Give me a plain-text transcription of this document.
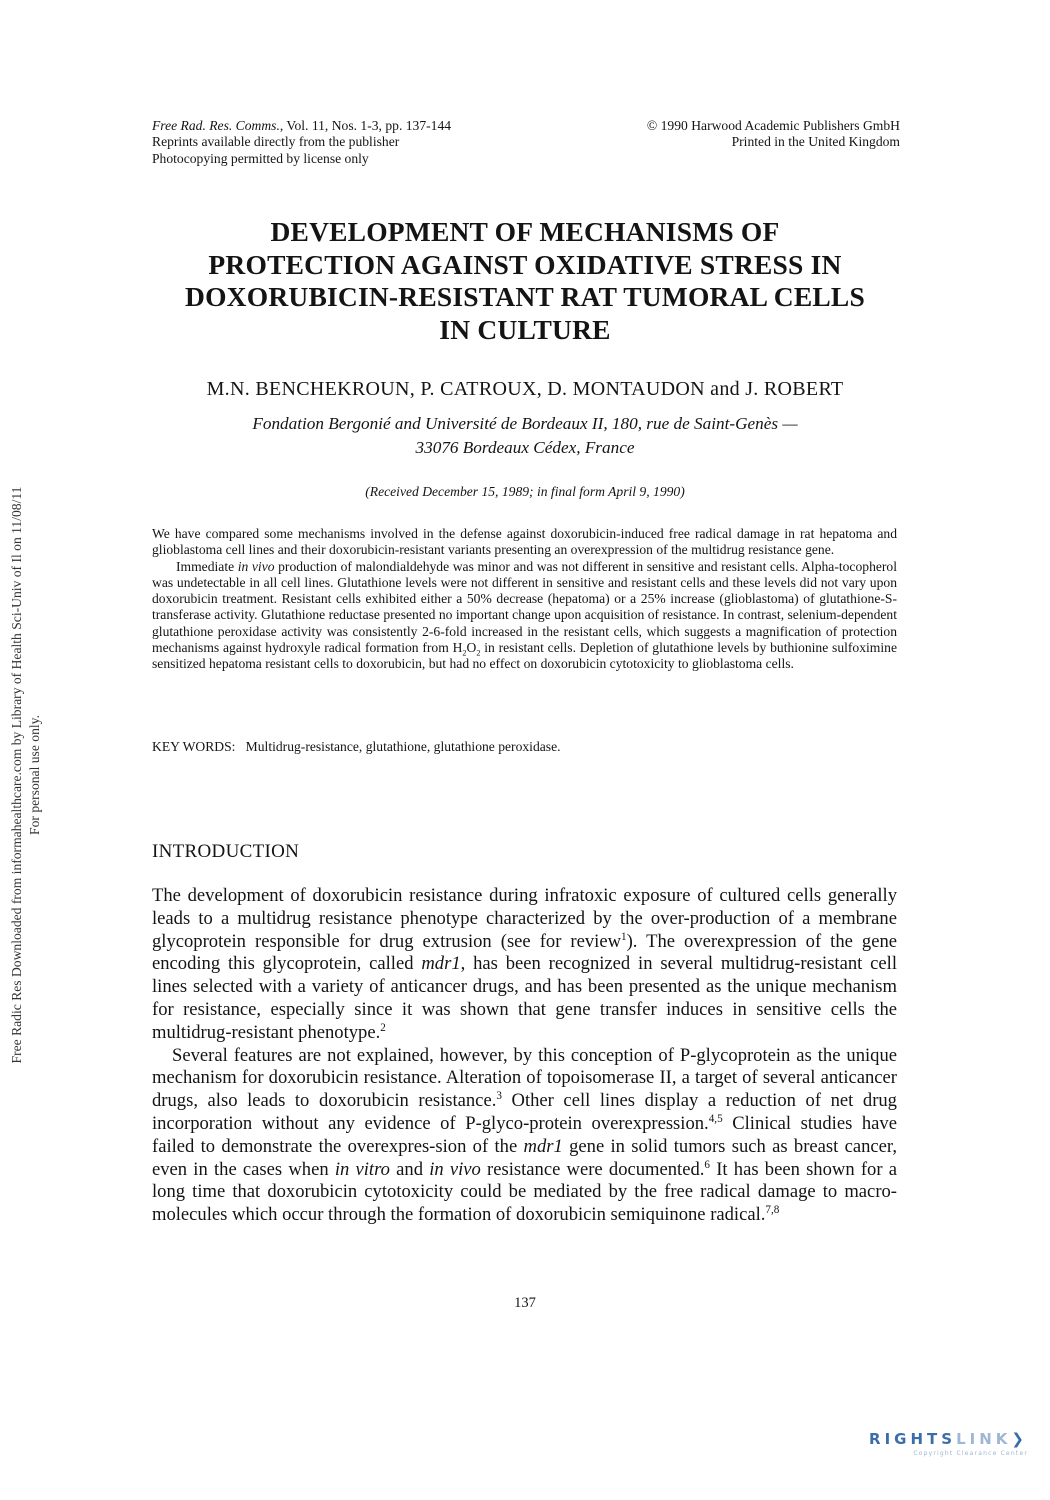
Free Rad. Res. Comms., Vol. 11, Nos. 1-3, pp. 137-144
Reprints available directly from the publisher
Photocopying permitted by license only
© 1990 Harwood Academic Publishers GmbH
Printed in the United Kingdom
DEVELOPMENT OF MECHANISMS OF
PROTECTION AGAINST OXIDATIVE STRESS IN
DOXORUBICIN-RESISTANT RAT TUMORAL CELLS
IN CULTURE
M.N. BENCHEKROUN, P. CATROUX, D. MONTAUDON and J. ROBERT
Fondation Bergonié and Université de Bordeaux II, 180, rue de Saint-Genès —
33076 Bordeaux Cédex, France
(Received December 15, 1989; in final form April 9, 1990)

We have compared some mechanisms involved in the defense against doxorubicin-induced free radical damage in rat hepatoma and glioblastoma cell lines and their doxorubicin-resistant variants presenting an overexpression of the multidrug resistance gene.

Immediate in vivo production of malondialdehyde was minor and was not different in sensitive and resistant cells. Alpha-tocopherol was undetectable in all cell lines. Glutathione levels were not different in sensitive and resistant cells and these levels did not vary upon doxorubicin treatment. Resistant cells exhibited either a 50% decrease (hepatoma) or a 25% increase (glioblastoma) of glutathione-S-transferase activity. Glutathione reductase presented no important change upon acquisition of resistance. In contrast, selenium-dependent glutathione peroxidase activity was consistently 2-6-fold increased in the resistant cells, which suggests a magnification of protection mechanisms against hydroxyle radical formation from $H_2O_2$ in resistant cells. Depletion of glutathione levels by buthionine sulfoximine sensitized hepatoma resistant cells to doxorubicin, but had no effect on doxorubicin cytotoxicity to glioblastoma cells.

KEY WORDS: Multidrug-resistance, glutathione, glutathione peroxidase.
INTRODUCTION

The development of doxorubicin resistance during infratoxic exposure of cultured cells generally leads to a multidrug resistance phenotype characterized by the over-production of a membrane glycoprotein responsible for drug extrusion (see for review$^1$). The overexpression of the gene encoding this glycoprotein, called mdr1, has been recognized in several multidrug-resistant cell lines selected with a variety of anticancer drugs, and has been presented as the unique mechanism for resistance, especially since it was shown that gene transfer induces in sensitive cells the multidrug-resistant phenotype.$^2$

Several features are not explained, however, by this conception of P-glycoprotein as the unique mechanism for doxorubicin resistance. Alteration of topoisomerase II, a target of several anticancer drugs, also leads to doxorubicin resistance.$^3$ Other cell lines display a reduction of net drug incorporation without any evidence of P-glyco-protein overexpression.$^{4,5}$ Clinical studies have failed to demonstrate the overexpres-sion of the mdr1 gene in solid tumors such as breast cancer, even in the cases when in vitro and in vivo resistance were documented.$^6$ It has been shown for a long time that doxorubicin cytotoxicity could be mediated by the free radical damage to macro-molecules which occur through the formation of doxorubicin semiquinone radical.$^{7,8}$

137
Free Radic Res Downloaded from informahealthcare.com by Library of Health Sci-Univ of Il on 11/08/11 For personal use only.
RIGHTSLINK❯
Copyright Clearance Center
